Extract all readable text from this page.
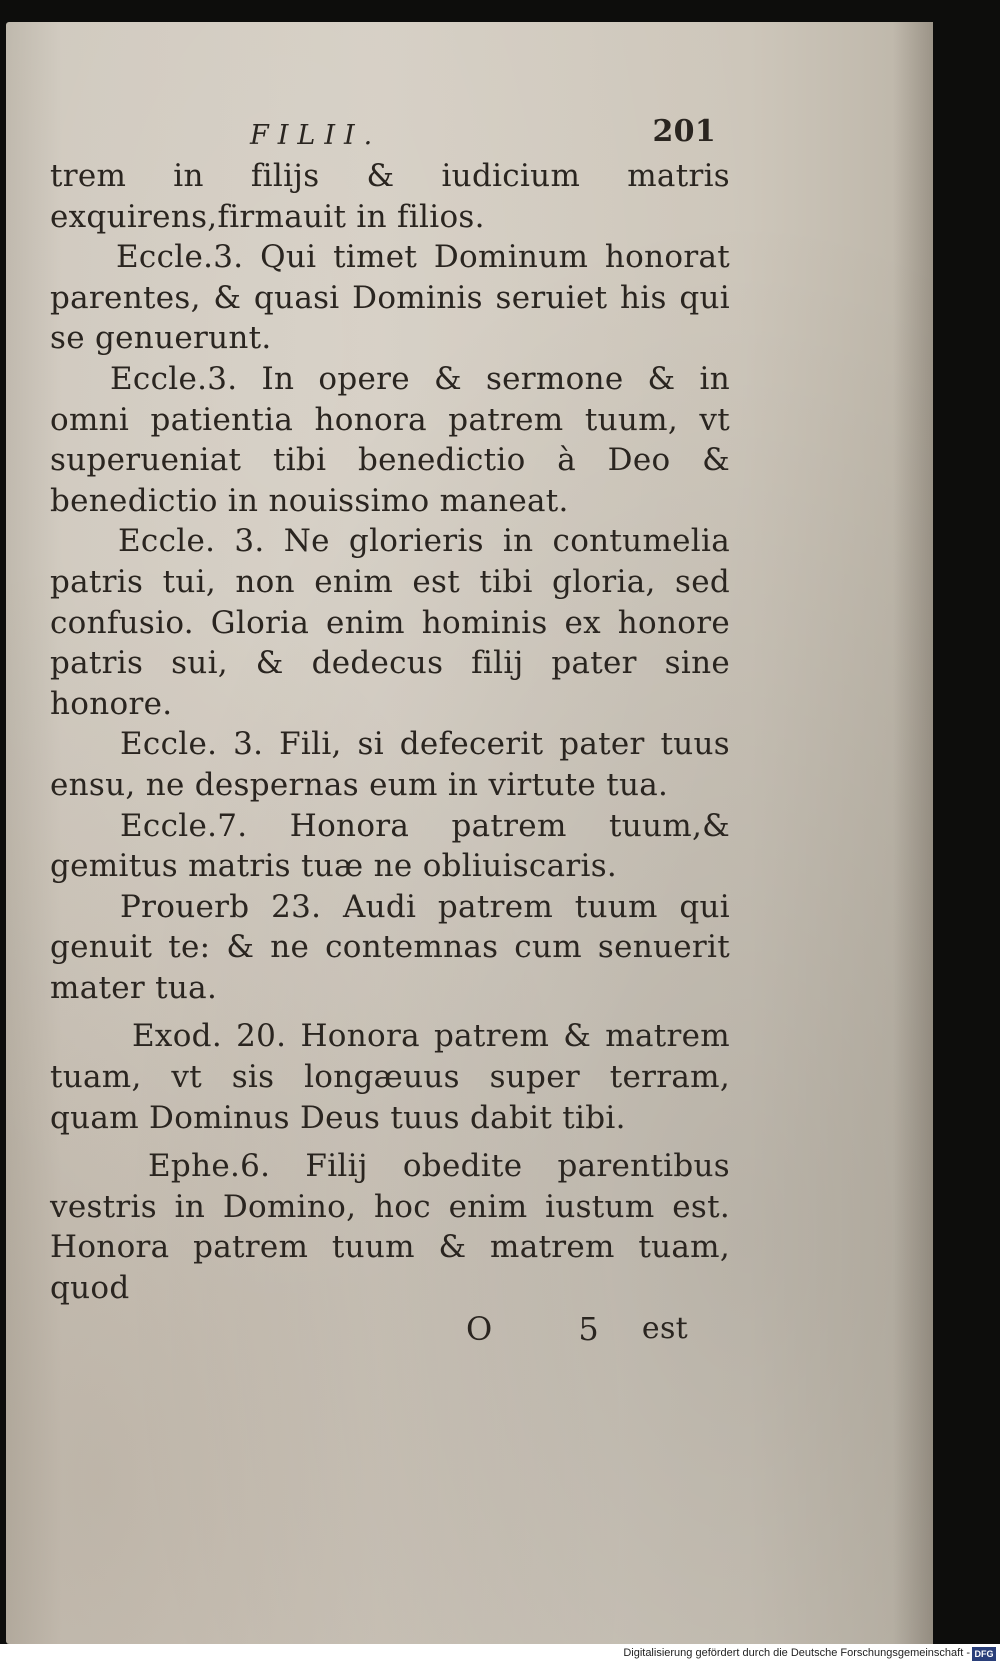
FILII.	201

trem in filijs & iudicium matris exquirens,firmauit in filios.

Eccle.3. Qui timet Dominum honorat parentes, & quasi Dominis seruiet his qui se genuerunt.

Eccle.3. In opere & sermone & in omni patientia honora patrem tuum, vt superueniat tibi benedictio à Deo & benedictio in nouissimo maneat.

Eccle. 3. Ne glorieris in contumelia patris tui, non enim est tibi gloria, sed confusio. Gloria enim hominis ex honore patris sui, & dedecus filij pater sine honore.

Eccle. 3. Fili, si defecerit pater tuus ensu, ne despernas eum in virtute tua.

Eccle.7. Honora patrem tuum,& gemitus matris tuæ ne obliuiscaris.

Prouerb 23. Audi patrem tuum qui genuit te: & ne contemnas cum senuerit mater tua.

Exod. 20. Honora patrem & matrem tuam, vt sis longæuus super terram, quam Dominus Deus tuus dabit tibi.

Ephe.6. Filij obedite parentibus vestris in Domino, hoc enim iustum est. Honora patrem tuum & matrem tuam, quod

O 5 est
Digitalisierung gefördert durch die Deutsche Forschungsgemeinschaft - DFG
